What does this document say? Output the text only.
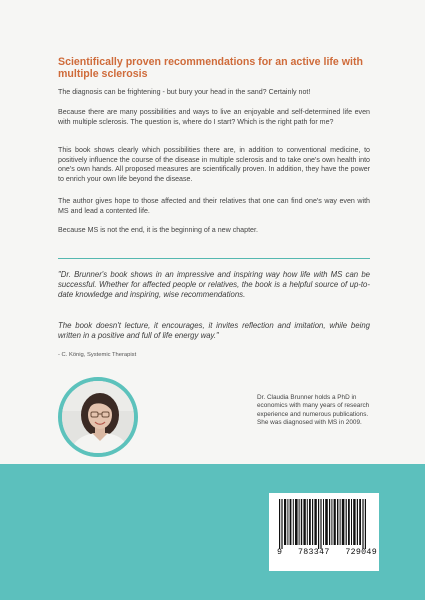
Scientifically proven recommendations for an active life with multiple sclerosis

The diagnosis can be frightening - but bury your head in the sand? Certainly not!

Because there are many possibilities and ways to live an enjoyable and self-determined life even with multiple sclerosis. The question is, where do I start? Which is the right path for me?

This book shows clearly which possibilities there are, in addition to conventional medicine, to positively influence the course of the disease in multiple sclerosis and to take one's own health into one's own hands. All proposed measures are scientifically proven. In addition, they have the power to enrich your own life beyond the disease.

The author gives hope to those affected and their relatives that one can find one's way even with MS and lead a contented life.

Because MS is not the end, it is the beginning of a new chapter.

"Dr. Brunner's book shows in an impressive and inspiring way how life with MS can be successful. Whether for affected people or relatives, the book is a helpful source of up-to-date knowledge and inspiring, wise recommendations.

The book doesn't lecture, it encourages, it invites reflection and imitation, while being written in a positive and full of life energy way."

- C. König, Systemic Therapist

Dr. Claudia Brunner holds a PhD in economics with many years of research experience and numerous publications.
She was diagnosed with MS in 2009.

9 783347 729049
